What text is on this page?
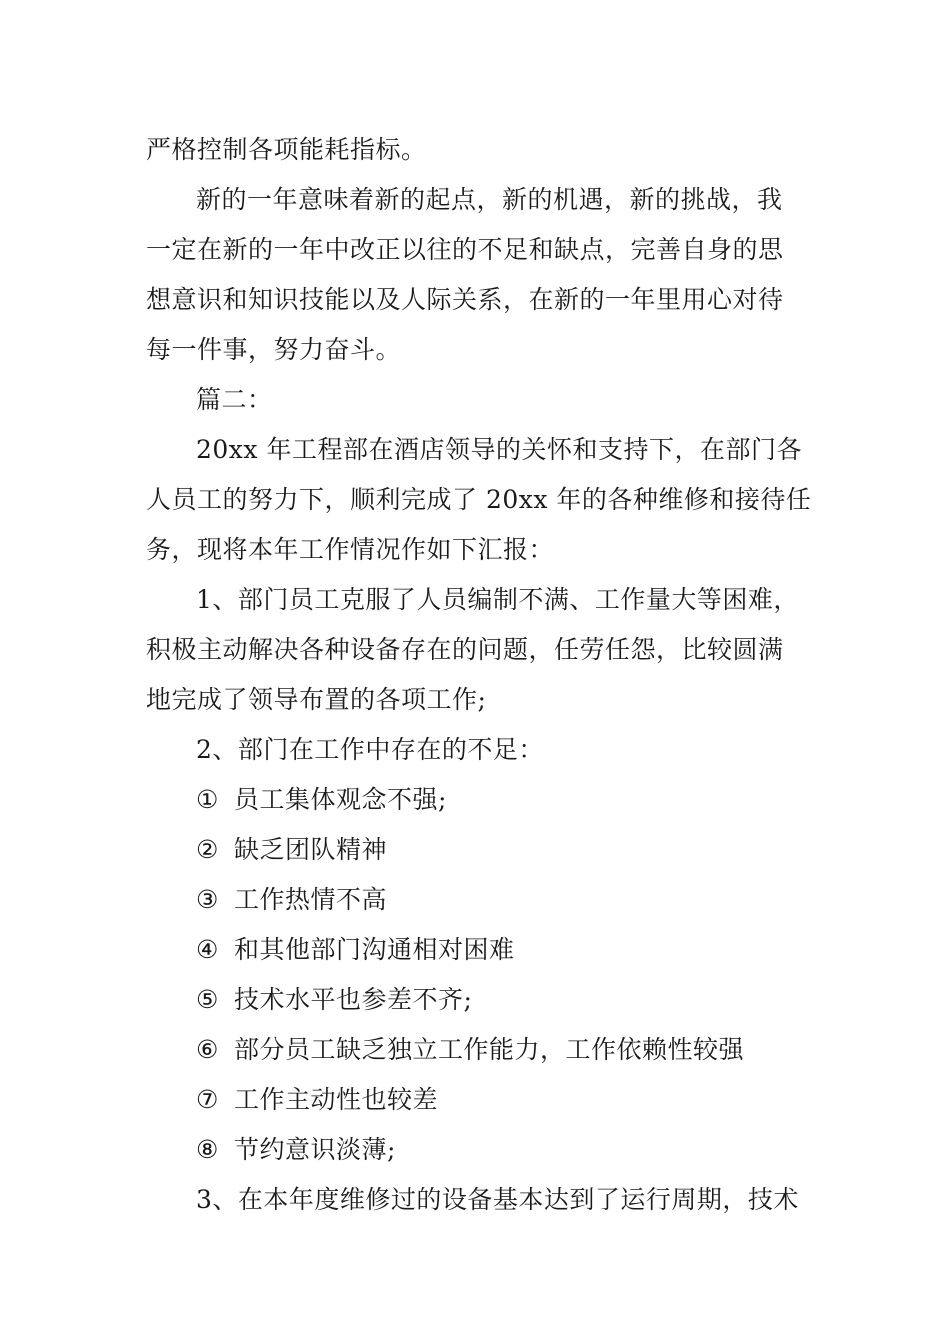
严格控制各项能耗指标。
新的一年意味着新的起点，新的机遇，新的挑战，我
一定在新的一年中改正以往的不足和缺点，完善自身的思
想意识和知识技能以及人际关系，在新的一年里用心对待
每一件事，努力奋斗。
篇二：
20xx 年工程部在酒店领导的关怀和支持下，在部门各
人员工的努力下，顺利完成了 20xx 年的各种维修和接待任
务，现将本年工作情况作如下汇报：
1、部门员工克服了人员编制不满、工作量大等困难，
积极主动解决各种设备存在的问题，任劳任怨，比较圆满
地完成了领导布置的各项工作;
2、部门在工作中存在的不足：
① 员工集体观念不强;
② 缺乏团队精神
③ 工作热情不高
④ 和其他部门沟通相对困难
⑤ 技术水平也参差不齐;
⑥ 部分员工缺乏独立工作能力，工作依赖性较强
⑦ 工作主动性也较差
⑧ 节约意识淡薄;
3、在本年度维修过的设备基本达到了运行周期，技术
